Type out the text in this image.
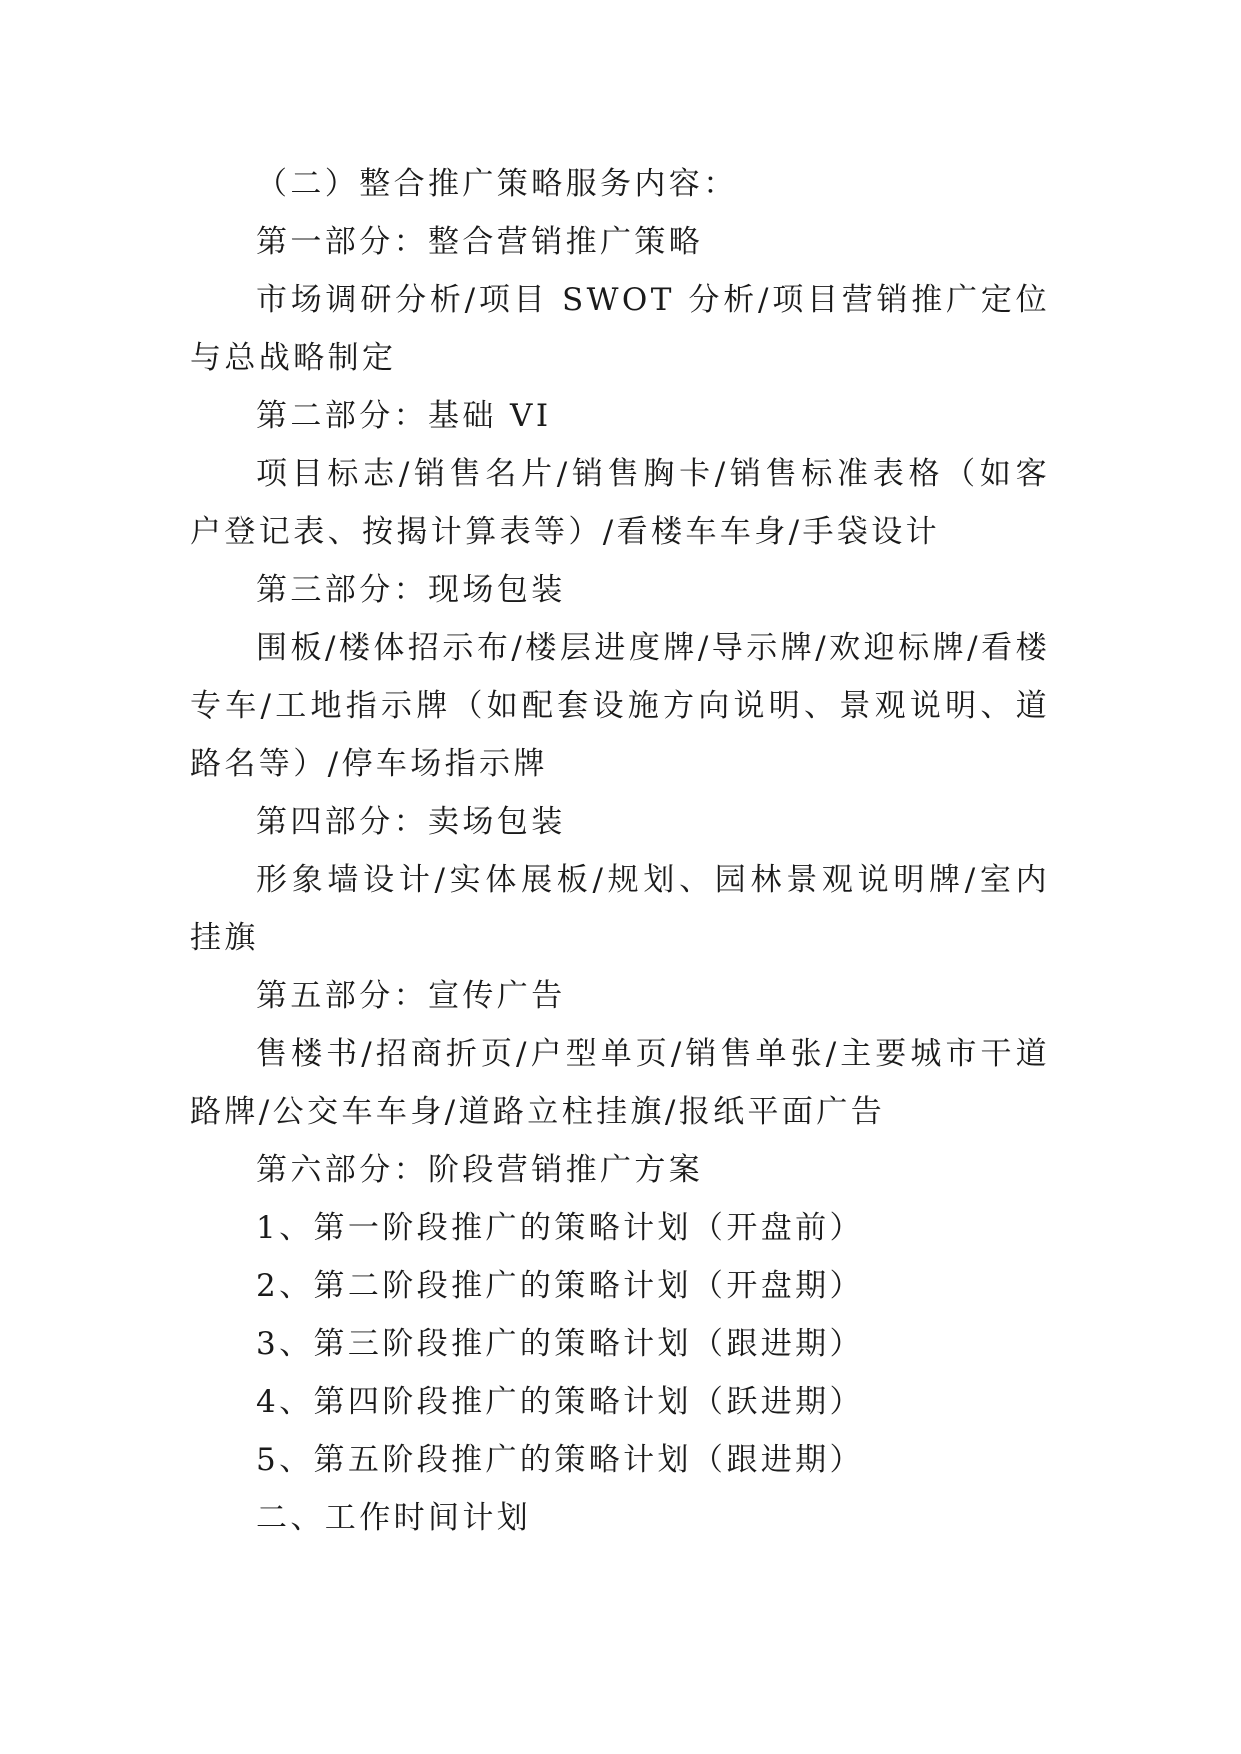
（二）整合推广策略服务内容：

第一部分：整合营销推广策略

市场调研分析/项目 SWOT 分析/项目营销推广定位与总战略制定

第二部分：基础 VI

项目标志/销售名片/销售胸卡/销售标准表格（如客户登记表、按揭计算表等）/看楼车车身/手袋设计

第三部分：现场包装

围板/楼体招示布/楼层进度牌/导示牌/欢迎标牌/看楼专车/工地指示牌（如配套设施方向说明、景观说明、道路名等）/停车场指示牌

第四部分：卖场包装

形象墙设计/实体展板/规划、园林景观说明牌/室内挂旗

第五部分：宣传广告

售楼书/招商折页/户型单页/销售单张/主要城市干道路牌/公交车车身/道路立柱挂旗/报纸平面广告

第六部分：阶段营销推广方案

1、第一阶段推广的策略计划（开盘前）

2、第二阶段推广的策略计划（开盘期）

3、第三阶段推广的策略计划（跟进期）

4、第四阶段推广的策略计划（跃进期）

5、第五阶段推广的策略计划（跟进期）

二、工作时间计划
